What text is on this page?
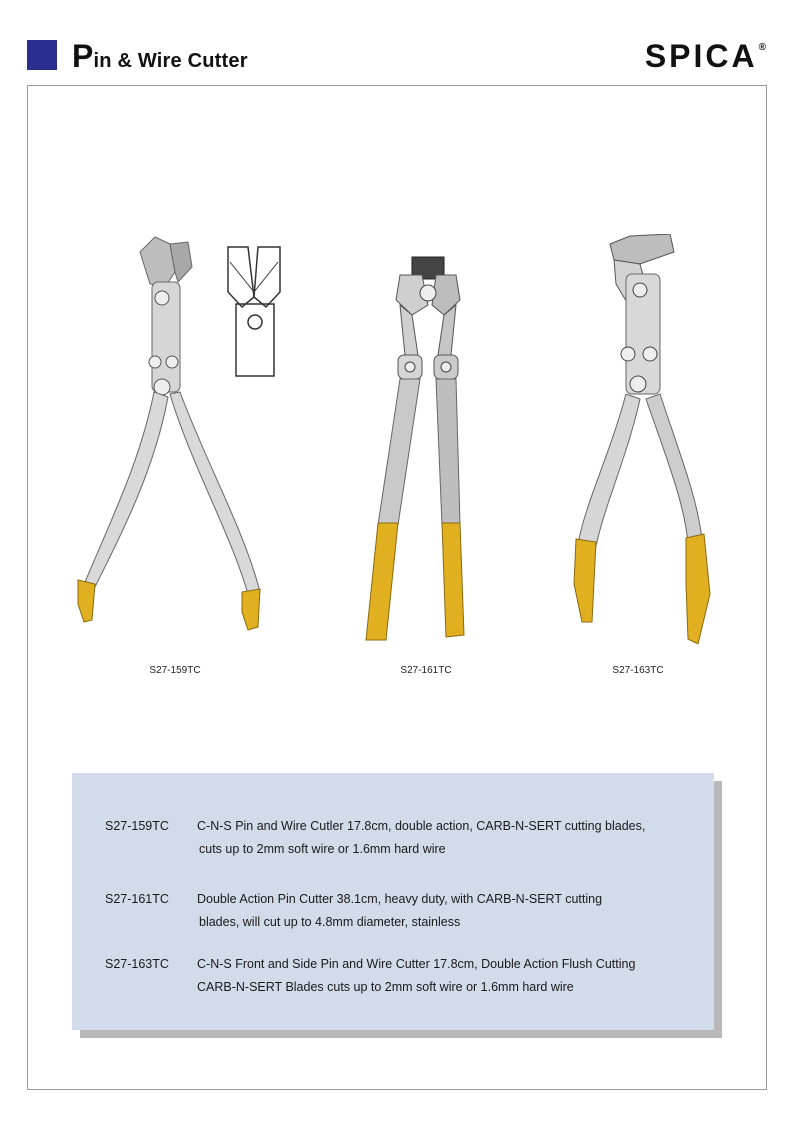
Pin & Wire Cutter	SPICA®
S27-159TC	S27-161TC	S27-163TC
S27-159TC	C-N-S Pin and Wire Cutler 17.8cm, double action, CARB-N-SERT cutting blades,
cuts up to 2mm soft wire or 1.6mm hard wire
S27-161TC	Double Action Pin Cutter 38.1cm, heavy duty, with CARB-N-SERT cutting
blades, will cut up to 4.8mm diameter, stainless
S27-163TC	C-N-S Front and Side Pin and Wire Cutter 17.8cm, Double Action Flush Cutting
CARB-N-SERT Blades cuts up to 2mm soft wire or 1.6mm hard wire
